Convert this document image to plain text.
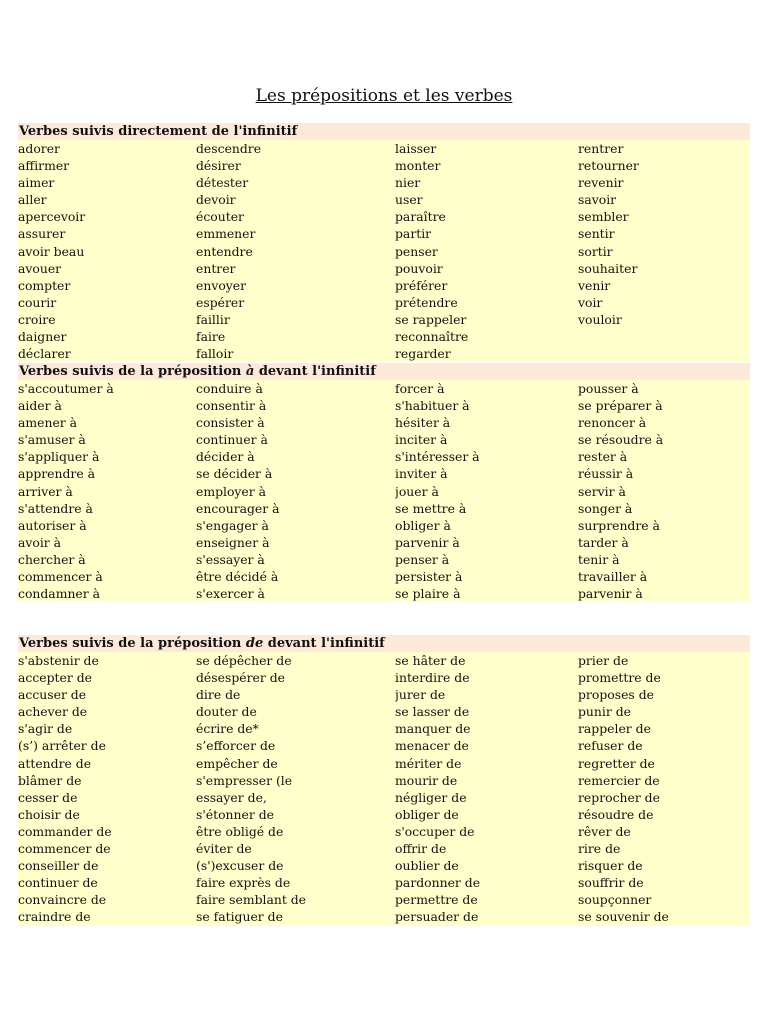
Les prépositions et les verbes
Verbes suivis directement de l'infinitif
adorer	descendre	laisser	rentrer
affirmer	désirer	monter	retourner
aimer	détester	nier	revenir
aller	devoir	user	savoir
apercevoir	écouter	paraître	sembler
assurer	emmener	partir	sentir
avoir beau	entendre	penser	sortir
avouer	entrer	pouvoir	souhaiter
compter	envoyer	préférer	venir
courir	espérer	prétendre	voir
croire	faillir	se rappeler	vouloir
daigner	faire	reconnaître
déclarer	falloir	regarder
Verbes suivis de la préposition à devant l'infinitif
s'accoutumer à	conduire à	forcer à	pousser à
aider à	consentir à	s'habituer à	se préparer à
amener à	consister à	hésiter à	renoncer à
s'amuser à	continuer à	inciter à	se résoudre à
s'appliquer à	décider à	s'intéresser à	rester à
apprendre à	se décider à	inviter à	réussir à
arriver à	employer à	jouer à	servir à
s'attendre à	encourager à	se mettre à	songer à
autoriser à	s'engager à	obliger à	surprendre à
avoir à	enseigner à	parvenir à	tarder à
chercher à	s'essayer à	penser à	tenir à
commencer à	être décidé à	persister à	travailler à
condamner à	s'exercer à	se plaire à	parvenir à
Verbes suivis de la préposition de devant l'infinitif
s'abstenir de	se dépêcher de	se hâter de	prier de
accepter de	désespérer de	interdire de	promettre de
accuser de	dire de	jurer de	proposes de
achever de	douter de	se lasser de	punir de
s'agir de	écrire de*	manquer de	rappeler de
(s’) arrêter de	s’efforcer de	menacer de	refuser de
attendre de	empêcher de	mériter de	regretter de
blâmer de	s'empresser (le	mourir de	remercier de
cesser de	essayer de,	négliger de	reprocher de
choisir de	s'étonner de	obliger de	résoudre de
commander de	être obligé de	s'occuper de	rêver de
commencer de	éviter de	offrir de	rire de
conseiller de	(s')excuser de	oublier de	risquer de
continuer de	faire exprès de	pardonner de	souffrir de
convaincre de	faire semblant de	permettre de	soupçonner
craindre de	se fatiguer de	persuader de	se souvenir de
